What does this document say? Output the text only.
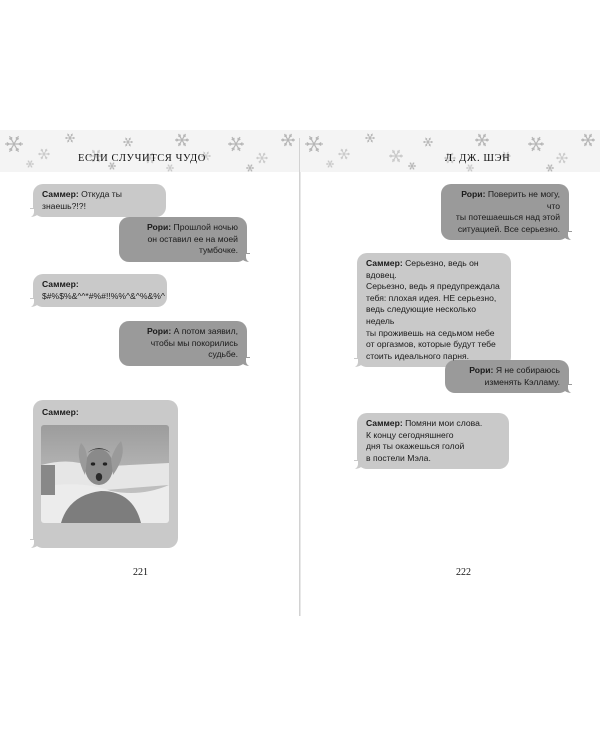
ЕСЛИ СЛУЧИТСЯ ЧУДО
Саммер: Откуда ты знаешь?!?!
Рори: Прошлой ночью
он оставил ее на моей
тумбочке.
Саммер:
$#%$%&^^*#%#!!%%^&^%&%^
Рори: А потом заявил,
чтобы мы покорились
судьбе.
Саммер:
221
Л. ДЖ. ШЭН
Рори: Поверить не могу, что
ты потешаешься над этой
ситуацией. Все серьезно.
Саммер: Серьезно, ведь он вдовец.
Серьезно, ведь я предупреждала
тебя: плохая идея. НЕ серьезно,
ведь следующие несколько недель
ты проживешь на седьмом небе
от оргазмов, которые будут тебе
стоить идеального парня.
Рори: Я не собираюсь
изменять Кэлламу.
Саммер: Помяни мои слова.
К концу сегодняшнего
дня ты окажешься голой
в постели Мэла.
222
